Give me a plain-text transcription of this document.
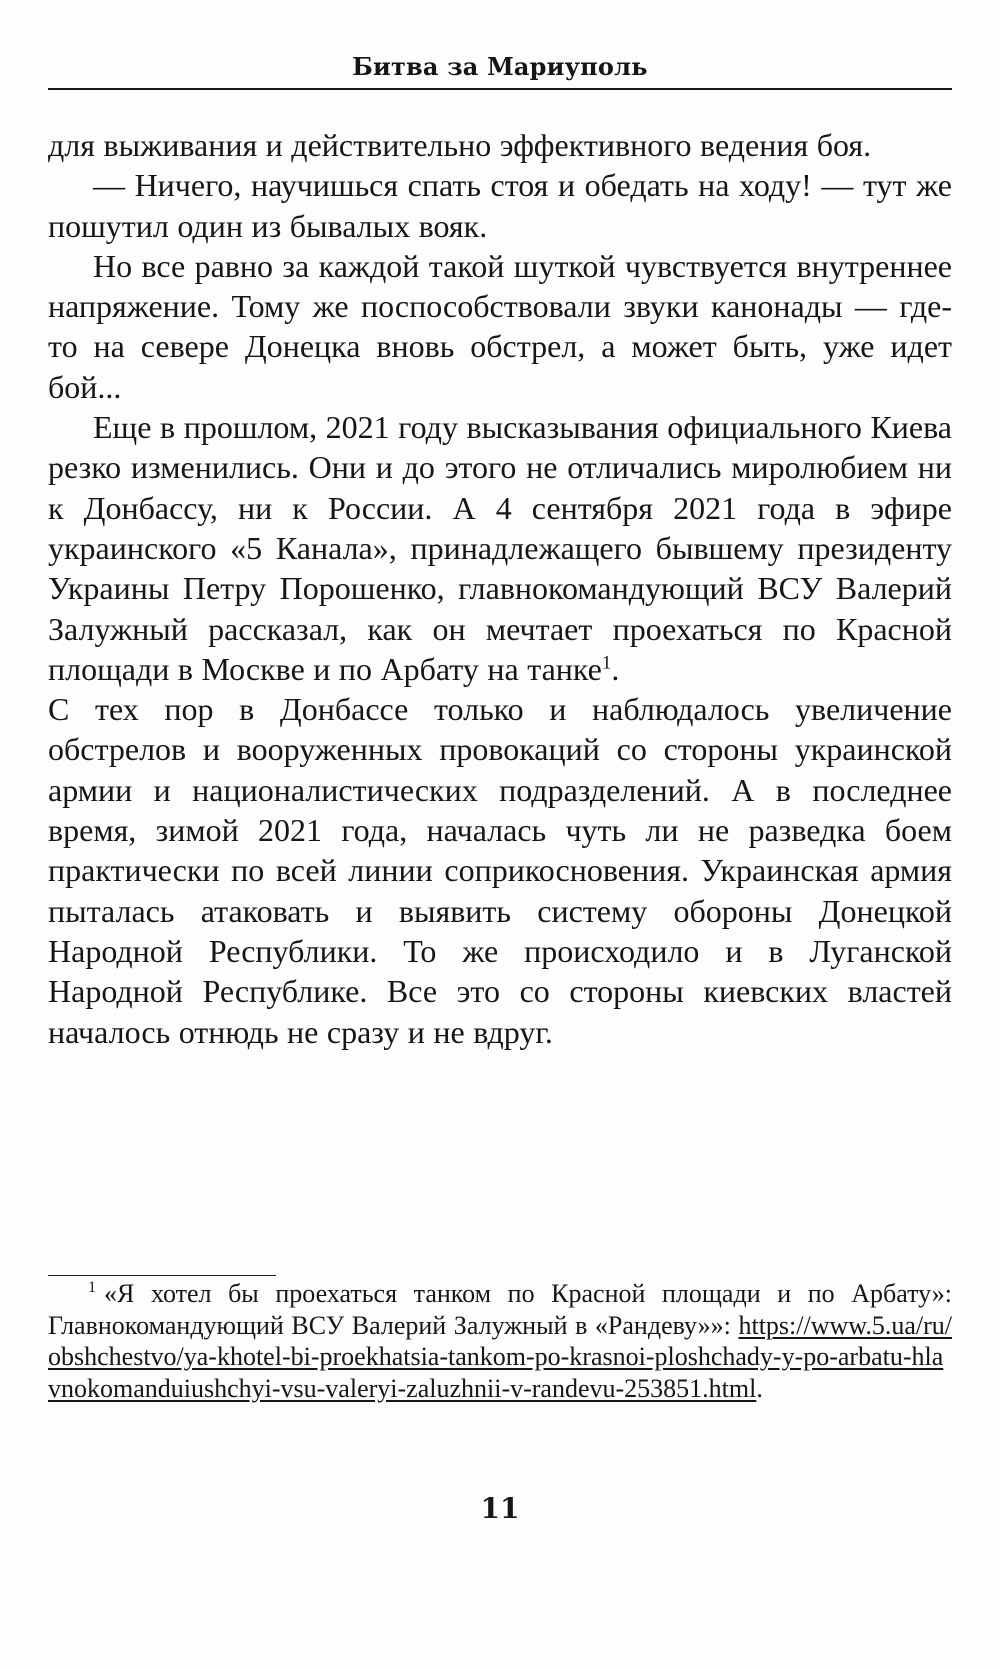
Битва за Мариуполь

для выживания и действительно эффективного ведения боя.

— Ничего, научишься спать стоя и обедать на ходу! — тут же пошутил один из бывалых вояк.

Но все равно за каждой такой шуткой чувствуется внутреннее напряжение. Тому же поспособствовали звуки канонады — где-то на севере Донецка вновь обстрел, а может быть, уже идет бой...

Еще в прошлом, 2021 году высказывания официального Киева резко изменились. Они и до этого не отличались миролюбием ни к Донбассу, ни к России. А 4 сентября 2021 года в эфире украинского «5 Канала», принадлежащего бывшему президенту Украины Петру Порошенко, главнокомандующий ВСУ Валерий Залужный рассказал, как он мечтает проехаться по Красной площади в Москве и по Арбату на танке$^1$.

С тех пор в Донбассе только и наблюдалось увеличение обстрелов и вооруженных провокаций со стороны украинской армии и националистических подразделений. А в последнее время, зимой 2021 года, началась чуть ли не разведка боем практически по всей линии соприкосновения. Украинская армия пыталась атаковать и выявить систему обороны Донецкой Народной Республики. То же происходило и в Луганской Народной Республике. Все это со стороны киевских властей началось отнюдь не сразу и не вдруг.

$^1$ «Я хотел бы проехаться танком по Красной площади и по Арбату»: Главнокомандующий ВСУ Валерий Залужный в «Рандеву»»: https://www.5.ua/ru/obshchestvo/ya-khotel-bi-proekhatsia-tankom-po-krasnoi-ploshchady-y-po-arbatu-hlavnokomanduiushchyi-vsu-valeryi-zaluzhnii-v-randevu-253851.html.

11
